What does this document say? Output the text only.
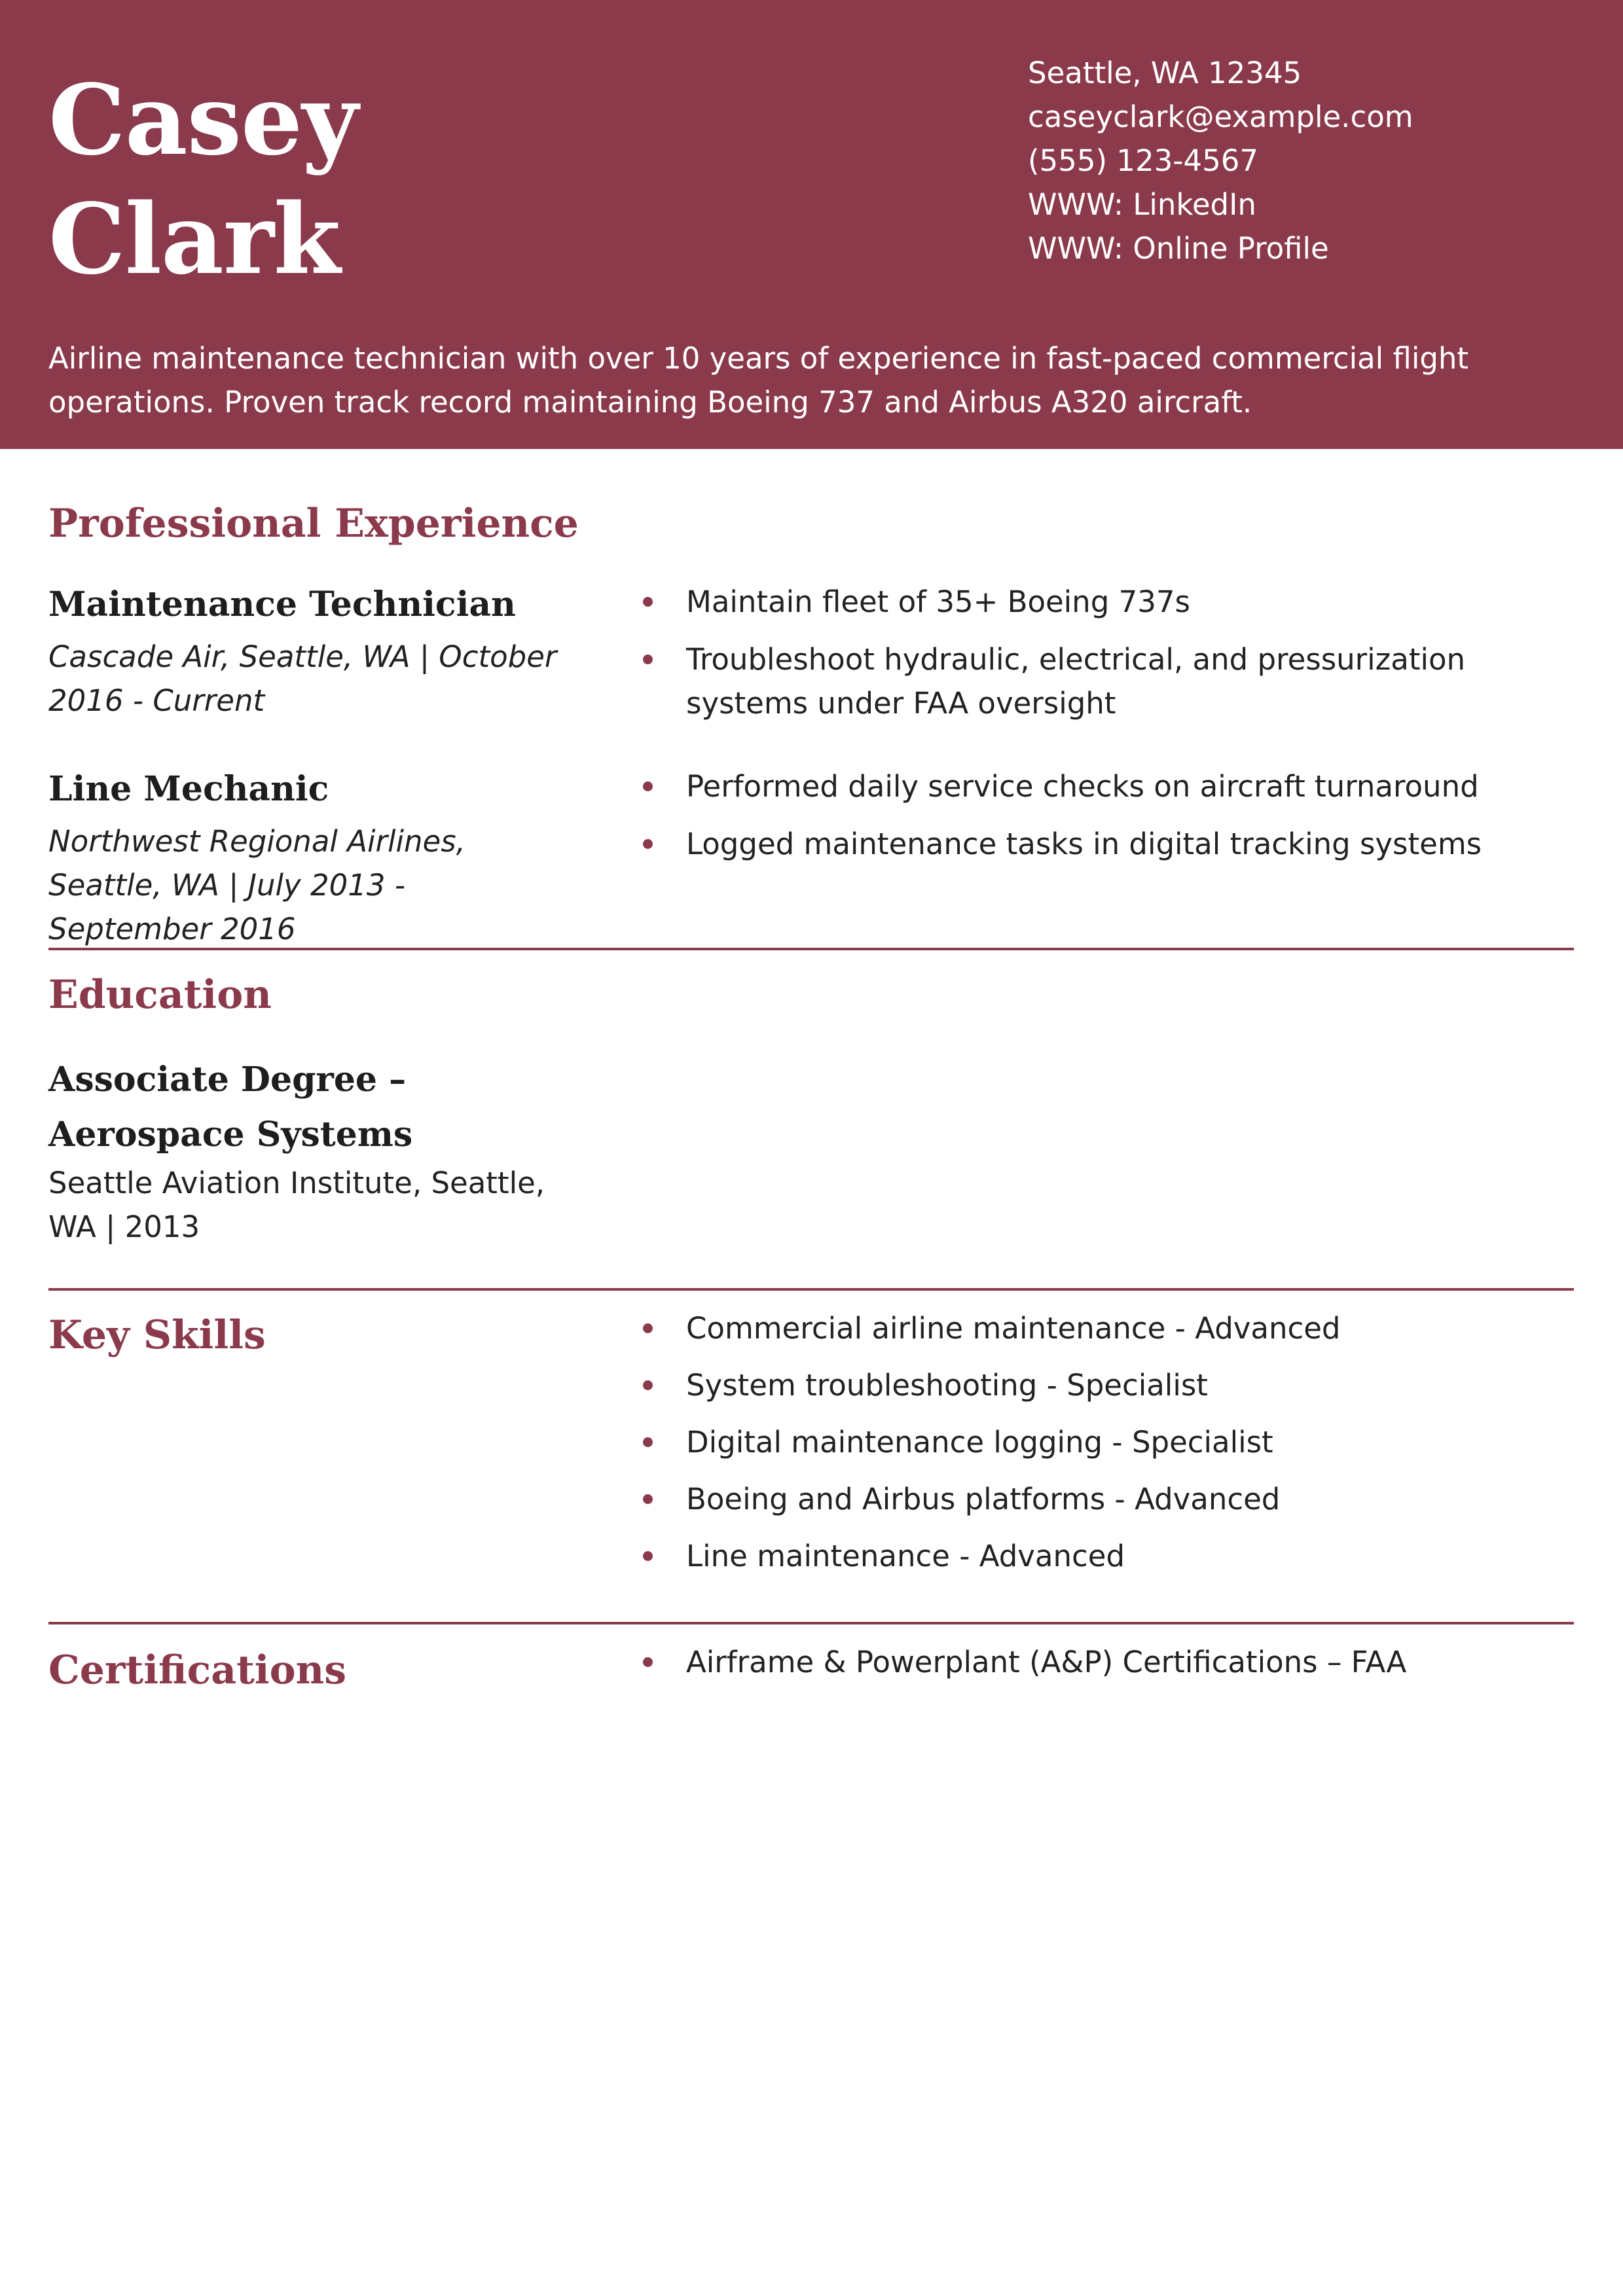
Casey
Clark
Seattle, WA 12345
caseyclark@example.com
(555) 123-4567
WWW: LinkedIn
WWW: Online Profile

Airline maintenance technician with over 10 years of experience in fast-paced commercial flight operations. Proven track record maintaining Boeing 737 and Airbus A320 aircraft.

Professional Experience
Maintenance Technician

Cascade Air, Seattle, WA | October 2016 - Current

Maintain fleet of 35+ Boeing 737s
Troubleshoot hydraulic, electrical, and pressurization systems under FAA oversight
Line Mechanic

Northwest Regional Airlines, Seattle, WA | July 2013 - September 2016

Performed daily service checks on aircraft turnaround
Logged maintenance tasks in digital tracking systems
Education
Associate Degree – Aerospace Systems

Seattle Aviation Institute, Seattle, WA | 2013

Key Skills	Commercial airline maintenance - Advanced
System troubleshooting - Specialist
Digital maintenance logging - Specialist
Boeing and Airbus platforms - Advanced
Line maintenance - Advanced
Certifications	Airframe & Powerplant (A&P) Certifications – FAA
